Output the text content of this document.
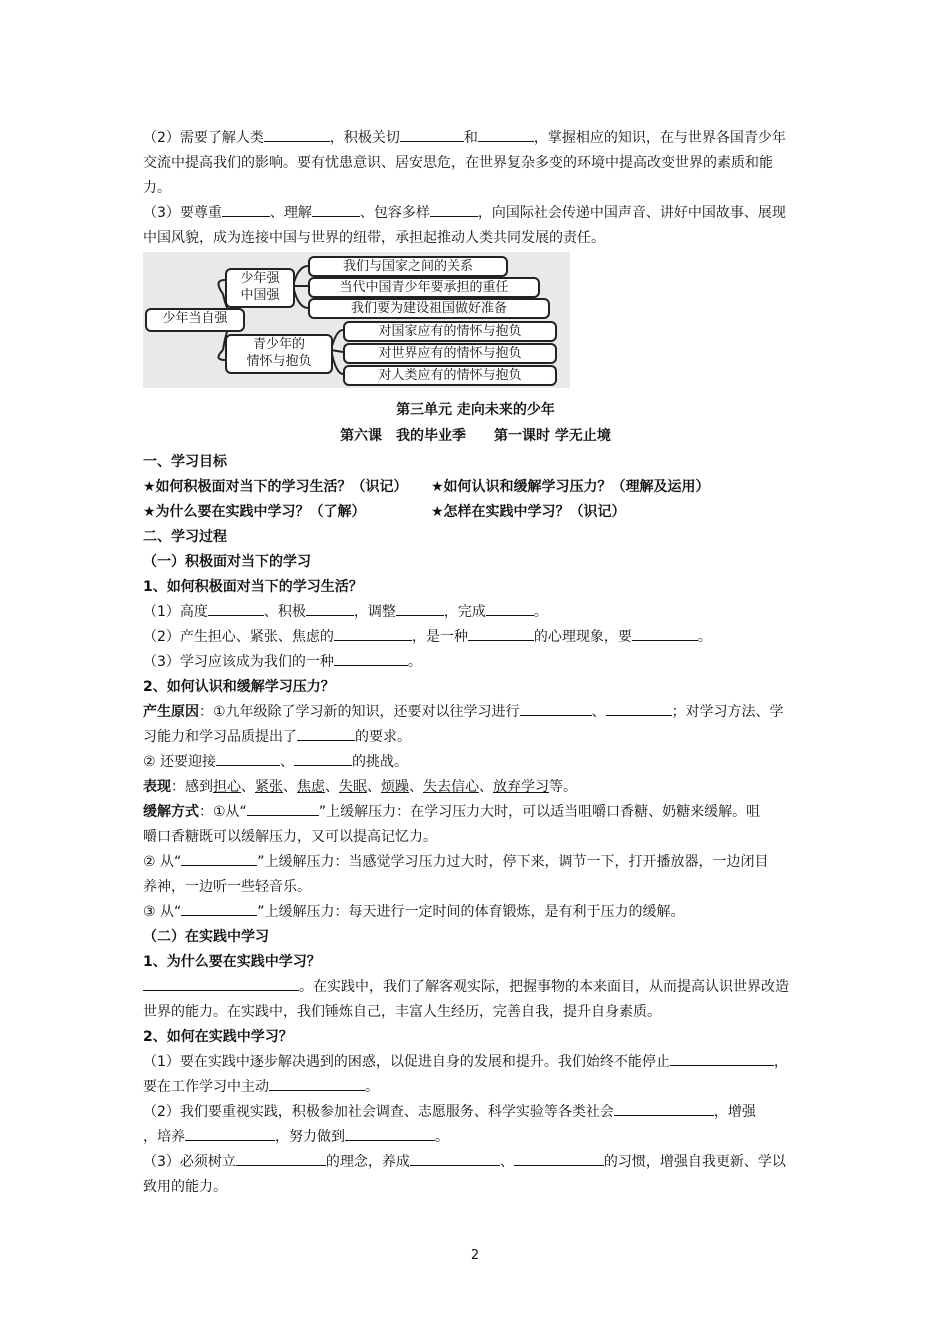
（2）需要了解人类	，积极关切	和	，掌握相应的知识，在与世界各国青少年
交流中提高我们的影响。要有忧患意识、居安思危，在世界复杂多变的环境中提高改变世界的素质和能
力。
（3）要尊重	、理解	、包容多样	，向国际社会传递中国声音、讲好中国故事、展现
中国风貌，成为连接中国与世界的纽带，承担起推动人类共同发展的责任。
少年当自强
少年强
中国强
青少年的
情怀与抱负
我们与国家之间的关系
当代中国青少年要承担的重任
我们要为建设祖国做好准备
对国家应有的情怀与抱负
对世界应有的情怀与抱负
对人类应有的情怀与抱负
第三单元 走向未来的少年
第六课　我的毕业季　　第一课时 学无止境
一、学习目标
★如何积极面对当下的学习生活？（识记） ★如何认识和缓解学习压力？（理解及运用）
★为什么要在实践中学习？（了解）	★怎样在实践中学习？（识记）
二、学习过程
（一）积极面对当下的学习
1、如何积极面对当下的学习生活？
（1）高度	、积极	，调整	，完成	。
（2）产生担心、紧张、焦虑的	，是一种	的心理现象，要	。
（3）学习应该成为我们的一种	。
2、如何认识和缓解学习压力？
产生原因：①九年级除了学习新的知识，还要对以往学习进行	、	；对学习方法、学
习能力和学习品质提出了	的要求。
② 还要迎接	、	的挑战。
表现：感到担心、紧张、焦虑、失眠、烦躁、失去信心、放弃学习等。
缓解方式：①从“	”上缓解压力：在学习压力大时，可以适当咀嚼口香糖、奶糖来缓解。咀
嚼口香糖既可以缓解压力，又可以提高记忆力。
② 从“	”上缓解压力：当感觉学习压力过大时，停下来，调节一下，打开播放器，一边闭目
养神，一边听一些轻音乐。
③ 从“	”上缓解压力：每天进行一定时间的体育锻炼，是有利于压力的缓解。
（二）在实践中学习
1、为什么要在实践中学习？
。在实践中，我们了解客观实际，把握事物的本来面目，从而提高认识世界改造
世界的能力。在实践中，我们锤炼自己，丰富人生经历，完善自我，提升自身素质。
2、如何在实践中学习？
（1）要在实践中逐步解决遇到的困惑，以促进自身的发展和提升。我们始终不能停止	，
要在工作学习中主动	。
（2）我们要重视实践，积极参加社会调查、志愿服务、科学实验等各类社会	，增强
，培养	，努力做到	。
（3）必须树立	的理念，养成	、	的习惯，增强自我更新、学以
致用的能力。
2
